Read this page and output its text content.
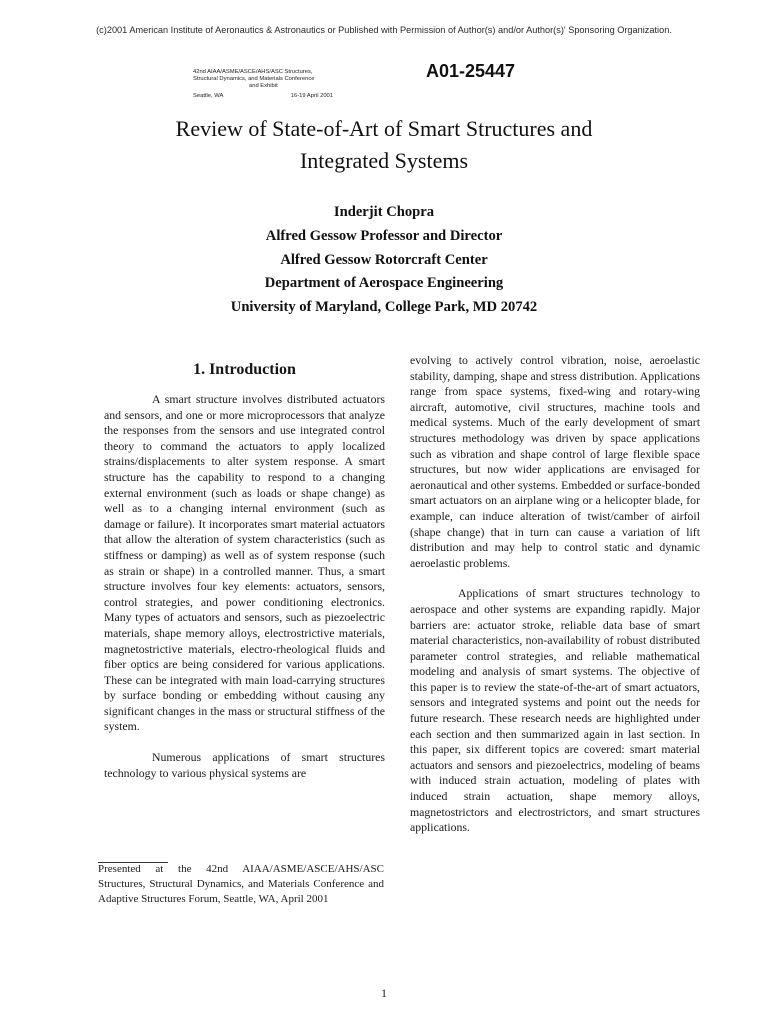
(c)2001 American Institute of Aeronautics & Astronautics or Published with Permission of Author(s) and/or Author(s)' Sponsoring Organization.
42nd AIAA/ASME/ASCE/AHS/ASC Structures,
Structural Dynamics, and Materials Conference
and Exhibit
Seattle, WA	16-19 April 2001
A01-25447
Review of State-of-Art of Smart Structures and
Integrated Systems
Inderjit Chopra
Alfred Gessow Professor and Director
Alfred Gessow Rotorcraft Center
Department of Aerospace Engineering
University of Maryland, College Park, MD 20742
1. Introduction

A smart structure involves distributed actuators and sensors, and one or more microprocessors that analyze the responses from the sensors and use integrated control theory to command the actuators to apply localized strains/displacements to alter system response. A smart structure has the capability to respond to a changing external environment (such as loads or shape change) as well as to a changing internal environment (such as damage or failure). It incorporates smart material actuators that allow the alteration of system characteristics (such as stiffness or damping) as well as of system response (such as strain or shape) in a controlled manner. Thus, a smart structure involves four key elements: actuators, sensors, control strategies, and power conditioning electronics. Many types of actuators and sensors, such as piezoelectric materials, shape memory alloys, electrostrictive materials, magnetostrictive materials, electro-rheological fluids and fiber optics are being considered for various applications. These can be integrated with main load-carrying structures by surface bonding or embedding without causing any significant changes in the mass or structural stiffness of the system.

Numerous applications of smart structures technology to various physical systems are

evolving to actively control vibration, noise, aeroelastic stability, damping, shape and stress distribution. Applications range from space systems, fixed-wing and rotary-wing aircraft, automotive, civil structures, machine tools and medical systems. Much of the early development of smart structures methodology was driven by space applications such as vibration and shape control of large flexible space structures, but now wider applications are envisaged for aeronautical and other systems. Embedded or surface-bonded smart actuators on an airplane wing or a helicopter blade, for example, can induce alteration of twist/camber of airfoil (shape change) that in turn can cause a variation of lift distribution and may help to control static and dynamic aeroelastic problems.

Applications of smart structures technology to aerospace and other systems are expanding rapidly. Major barriers are: actuator stroke, reliable data base of smart material characteristics, non-availability of robust distributed parameter control strategies, and reliable mathematical modeling and analysis of smart systems. The objective of this paper is to review the state-of-the-art of smart actuators, sensors and integrated systems and point out the needs for future research. These research needs are highlighted under each section and then summarized again in last section. In this paper, six different topics are covered: smart material actuators and sensors and piezoelectrics, modeling of beams with induced strain actuation, modeling of plates with induced strain actuation, shape memory alloys, magnetostrictors and electrostrictors, and smart structures applications.

Presented at the 42nd AIAA/ASME/ASCE/AHS/ASC Structures, Structural Dynamics, and Materials Conference and Adaptive Structures Forum, Seattle, WA, April 2001
1
